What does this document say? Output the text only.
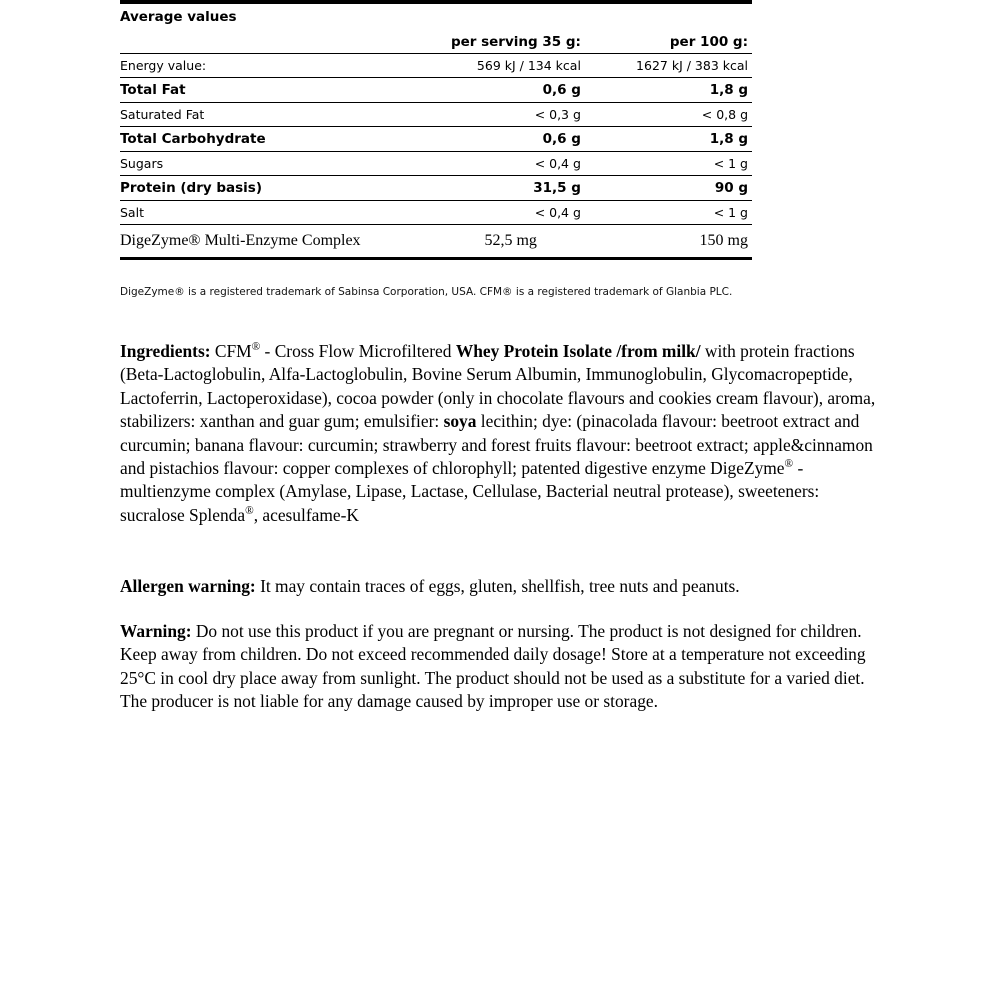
Average values		
	per serving 35 g:	per 100 g:
Energy value:	569 kJ / 134 kcal	1627 kJ / 383 kcal
Total Fat	0,6 g	1,8 g
Saturated Fat	< 0,3 g	< 0,8 g
Total Carbohydrate	0,6 g	1,8 g
Sugars	< 0,4 g	< 1 g
Protein (dry basis)	31,5 g	90 g
Salt	< 0,4 g	< 1 g
DigeZyme® Multi-Enzyme Complex	52,5 mg	150 mg
DigeZyme® is a registered trademark of Sabinsa Corporation, USA. CFM® is a registered trademark of Glanbia PLC.
Ingredients: CFM® - Cross Flow Microfiltered Whey Protein Isolate /from milk/ with protein fractions (Beta-Lactoglobulin, Alfa-Lactoglobulin, Bovine Serum Albumin, Immunoglobulin, Glycomacropeptide, Lactoferrin, Lactoperoxidase), cocoa powder (only in chocolate flavours and cookies cream flavour), aroma, stabilizers: xanthan and guar gum; emulsifier: soya lecithin; dye: (pinacolada flavour: beetroot extract and curcumin; banana flavour: curcumin; strawberry and forest fruits flavour: beetroot extract; apple&cinnamon and pistachios flavour: copper complexes of chlorophyll; patented digestive enzyme DigeZyme® - multienzyme complex (Amylase, Lipase, Lactase, Cellulase, Bacterial neutral protease), sweeteners: sucralose Splenda®, acesulfame-K
Allergen warning: It may contain traces of eggs, gluten, shellfish, tree nuts and peanuts.
Warning: Do not use this product if you are pregnant or nursing. The product is not designed for children. Keep away from children. Do not exceed recommended daily dosage! Store at a temperature not exceeding 25°C in cool dry place away from sunlight. The product should not be used as a substitute for a varied diet. The producer is not liable for any damage caused by improper use or storage.
